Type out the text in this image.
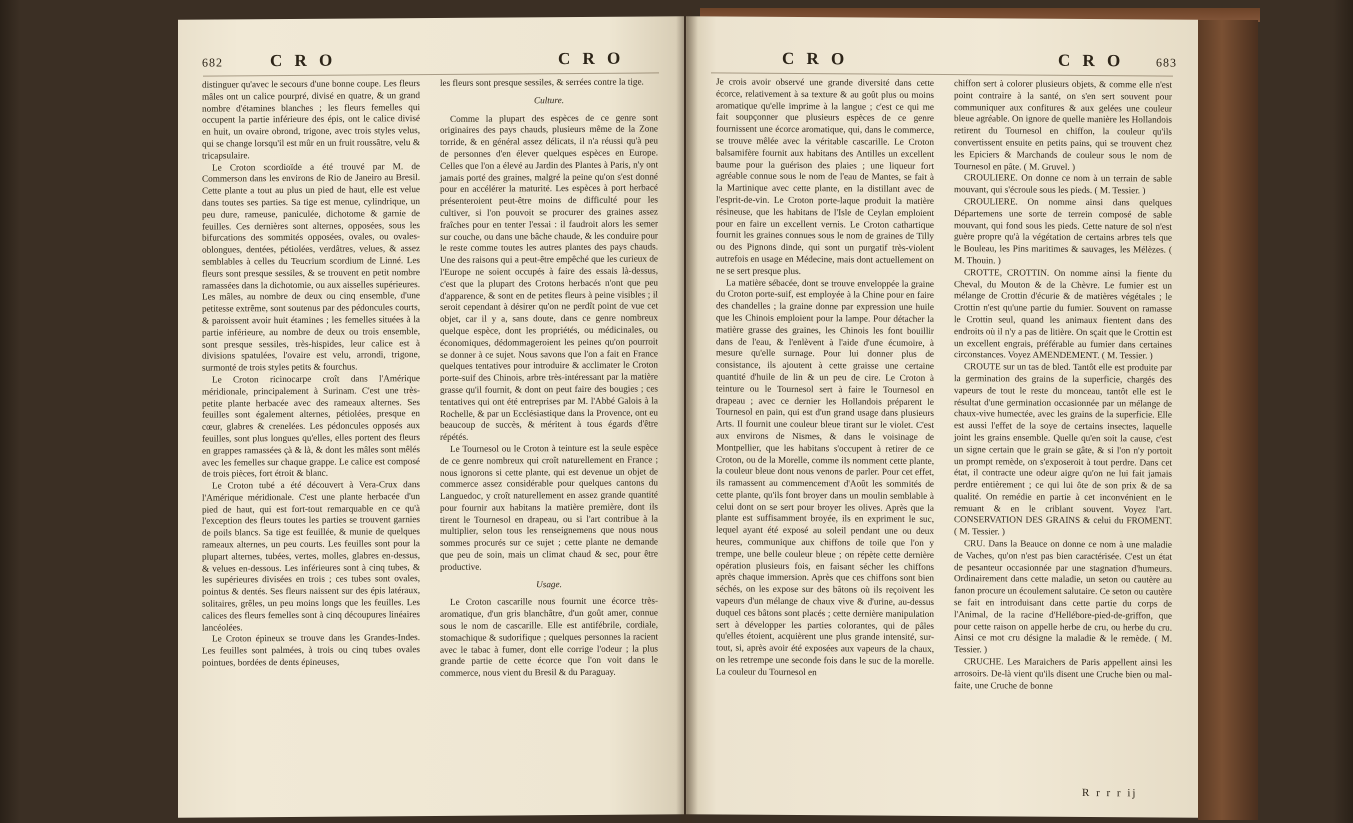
682	C R O	C R O

distinguer qu'avec le secours d'une bonne coupe. Les fleurs mâles ont un calice pourpré, divisé en quatre, & un grand nombre d'étamines blanches ; les fleurs femelles qui occupent la partie inférieure des épis, ont le calice divisé en huit, un ovaire obrond, trigone, avec trois styles velus, qui se change lorsqu'il est mûr en un fruit roussâtre, velu & tricapsulaire.

Le Croton scordioïde a été trouvé par M. de Commerson dans les environs de Rio de Janeiro au Bresil. Cette plante a tout au plus un pied de haut, elle est velue dans toutes ses parties. Sa tige est menue, cylindrique, un peu dure, rameuse, paniculée, dichotome & garnie de feuilles. Ces dernières sont alternes, opposées, sous les bifurcations des sommités opposées, ovales, ou ovales-oblongues, dentées, pétiolées, verdâtres, velues, & assez semblables à celles du Teucrium scordium de Linné. Les fleurs sont presque sessiles, & se trouvent en petit nombre ramassées dans la dichotomie, ou aux aisselles supérieures. Les mâles, au nombre de deux ou cinq ensemble, d'une petitesse extrême, sont soutenus par des pédoncules courts, & paroissent avoir huit étamines ; les femelles situées à la partie inférieure, au nombre de deux ou trois ensemble, sont presque sessiles, très-hispides, leur calice est à divisions spatulées, l'ovaire est velu, arrondi, trigone, surmonté de trois styles petits & fourchus.

Le Croton ricinocarpe croît dans l'Amérique méridionale, principalement à Surinam. C'est une très-petite plante herbacée avec des rameaux alternes. Ses feuilles sont également alternes, pétiolées, presque en cœur, glabres & crenelées. Les pédoncules opposés aux feuilles, sont plus longues qu'elles, elles portent des fleurs en grappes ramassées çà & là, & dont les mâles sont mêlés avec les femelles sur chaque grappe. Le calice est composé de trois pièces, fort étroit & blanc.

Le Croton tubé a été découvert à Vera-Crux dans l'Amérique méridionale. C'est une plante herbacée d'un pied de haut, qui est fort-tout remarquable en ce qu'à l'exception des fleurs toutes les parties se trouvent garnies de poils blancs. Sa tige est feuillée, & munie de quelques rameaux alternes, un peu courts. Les feuilles sont pour la plupart alternes, tubées, vertes, molles, glabres en-dessus, & velues en-dessous. Les inférieures sont à cinq tubes, & les supérieures divisées en trois ; ces tubes sont ovales, pointus & dentés. Ses fleurs naissent sur des épis latéraux, solitaires, grêles, un peu moins longs que les feuilles. Les calices des fleurs femelles sont à cinq découpures linéaires lancéolées.

Le Croton épineux se trouve dans les Grandes-Indes. Les feuilles sont palmées, à trois ou cinq tubes ovales pointues, bordées de dents épineuses,

les fleurs sont presque sessiles, & serrées contre la tige.

Culture.

Comme la plupart des espèces de ce genre sont originaires des pays chauds, plusieurs même de la Zone torride, & en général assez délicats, il n'a réussi qu'à peu de personnes d'en élever quelques espèces en Europe. Celles que l'on a élevé au Jardin des Plantes à Paris, n'y ont jamais porté des graines, malgré la peine qu'on s'est donné pour en accélérer la maturité. Les espèces à port herbacé présenteroient peut-être moins de difficulté pour les cultiver, si l'on pouvoit se procurer des graines assez fraîches pour en tenter l'essai : il faudroit alors les semer sur couche, ou dans une bâche chaude, & les conduire pour le reste comme toutes les autres plantes des pays chauds. Une des raisons qui a peut-être empêché que les curieux de l'Europe ne soient occupés à faire des essais là-dessus, c'est que la plupart des Crotons herbacés n'ont que peu d'apparence, & sont en de petites fleurs à peine visibles ; il seroit cependant à désirer qu'on ne perdît point de vue cet objet, car il y a, sans doute, dans ce genre nombreux quelque espèce, dont les propriétés, ou médicinales, ou économiques, dédommageroient les peines qu'on pourroit se donner à ce sujet. Nous savons que l'on a fait en France quelques tentatives pour introduire & acclimater le Croton porte-suif des Chinois, arbre très-intéressant par la matière grasse qu'il fournit, & dont on peut faire des bougies ; ces tentatives qui ont été entreprises par M. l'Abbé Galois à la Rochelle, & par un Ecclésiastique dans la Provence, ont eu beaucoup de succès, & méritent à tous égards d'être répétés.

Le Tournesol ou le Croton à teinture est la seule espèce de ce genre nombreux qui croît naturellement en France ; nous ignorons si cette plante, qui est devenue un objet de commerce assez considérable pour quelques cantons du Languedoc, y croît naturellement en assez grande quantité pour fournir aux habitans la matière première, dont ils tirent le Tournesol en drapeau, ou si l'art contribue à la multiplier, selon tous les renseignemens que nous nous sommes procurés sur ce sujet ; cette plante ne demande que peu de soin, mais un climat chaud & sec, pour être productive.

Usage.

Le Croton cascarille nous fournit une écorce très-aromatique, d'un gris blanchâtre, d'un goût amer, connue sous le nom de cascarille. Elle est antifébrile, cordiale, stomachique & sudorifique ; quelques personnes la racient avec le tabac à fumer, dont elle corrige l'odeur ; la plus grande partie de cette écorce que l'on voit dans le commerce, nous vient du Bresil & du Paraguay.

C R O	C R O	683

Je crois avoir observé une grande diversité dans cette écorce, relativement à sa texture & au goût plus ou moins aromatique qu'elle imprime à la langue ; c'est ce qui me fait soupçonner que plusieurs espèces de ce genre fournissent une écorce aromatique, qui, dans le commerce, se trouve mêlée avec la véritable cascarille. Le Croton balsamifère fournit aux habitans des Antilles un excellent baume pour la guérison des plaies ; une liqueur fort agréable connue sous le nom de l'eau de Mantes, se fait à la Martinique avec cette plante, en la distillant avec de l'esprit-de-vin. Le Croton porte-laque produit la matière résineuse, que les habitans de l'Isle de Ceylan emploient pour en faire un excellent vernis. Le Croton cathartique fournit les graines connues sous le nom de graines de Tilly ou des Pignons dinde, qui sont un purgatif très-violent autrefois en usage en Médecine, mais dont actuellement on ne se sert presque plus.

La matière sébacée, dont se trouve enveloppée la graine du Croton porte-suif, est employée à la Chine pour en faire des chandelles ; la graine donne par expression une huile que les Chinois emploient pour la lampe. Pour détacher la matière grasse des graines, les Chinois les font bouillir dans de l'eau, & l'enlèvent à l'aide d'une écumoire, à mesure qu'elle surnage. Pour lui donner plus de consistance, ils ajoutent à cette graisse une certaine quantité d'huile de lin & un peu de cire. Le Croton à teinture ou le Tournesol sert à faire le Tournesol en drapeau ; avec ce dernier les Hollandois préparent le Tournesol en pain, qui est d'un grand usage dans plusieurs Arts. Il fournit une couleur bleue tirant sur le violet. C'est aux environs de Nismes, & dans le voisinage de Montpellier, que les habitans s'occupent à retirer de ce Croton, ou de la Morelle, comme ils nomment cette plante, la couleur bleue dont nous venons de parler. Pour cet effet, ils ramassent au commencement d'Août les sommités de cette plante, qu'ils font broyer dans un moulin semblable à celui dont on se sert pour broyer les olives. Après que la plante est suffisamment broyée, ils en expriment le suc, lequel ayant été exposé au soleil pendant une ou deux heures, communique aux chiffons de toile que l'on y trempe, une belle couleur bleue ; on répète cette dernière opération plusieurs fois, en faisant sécher les chiffons après chaque immersion. Après que ces chiffons sont bien séchés, on les expose sur des bâtons où ils reçoivent les vapeurs d'un mélange de chaux vive & d'urine, au-dessus duquel ces bâtons sont placés ; cette dernière manipulation sert à développer les parties colorantes, qui de pâles qu'elles étoient, acquièrent une plus grande intensité, sur-tout, si, après avoir été exposées aux vapeurs de la chaux, on les retrempe une seconde fois dans le suc de la morelle. La couleur du Tournesol en

chiffon sert à colorer plusieurs objets, & comme elle n'est point contraire à la santé, on s'en sert souvent pour communiquer aux confitures & aux gelées une couleur bleue agréable. On ignore de quelle manière les Hollandois retirent du Tournesol en chiffon, la couleur qu'ils convertissent ensuite en petits pains, qui se trouvent chez les Epiciers & Marchands de couleur sous le nom de Tournesol en pâte. ( M. Gruvel. )

CROULIERE. On donne ce nom à un terrain de sable mouvant, qui s'écroule sous les pieds. ( M. Tessier. )

CROULIERE. On nomme ainsi dans quelques Départemens une sorte de terrein composé de sable mouvant, qui fond sous les pieds. Cette nature de sol n'est guère propre qu'à la végétation de certains arbres tels que le Bouleau, les Pins maritimes & sauvages, les Mélèzes. ( M. Thouin. )

CROTTE, CROTTIN. On nomme ainsi la fiente du Cheval, du Mouton & de la Chèvre. Le fumier est un mélange de Crottin d'écurie & de matières végétales ; le Crottin n'est qu'une partie du fumier. Souvent on ramasse le Crottin seul, quand les animaux fientent dans des endroits où il n'y a pas de litière. On sçait que le Crottin est un excellent engrais, préférable au fumier dans certaines circonstances. Voyez AMENDEMENT. ( M. Tessier. )

CROUTE sur un tas de bled. Tantôt elle est produite par la germination des grains de la superficie, chargés des vapeurs de tout le reste du monceau, tantôt elle est le résultat d'une germination occasionnée par un mélange de chaux-vive humectée, avec les grains de la superficie. Elle est aussi l'effet de la soye de certains insectes, laquelle joint les grains ensemble. Quelle qu'en soit la cause, c'est un signe certain que le grain se gâte, & si l'on n'y portoit un prompt remède, on s'exposeroit à tout perdre. Dans cet état, il contracte une odeur aigre qu'on ne lui fait jamais perdre entièrement ; ce qui lui ôte de son prix & de sa qualité. On remédie en partie à cet inconvénient en le remuant & en le criblant souvent. Voyez l'art. CONSERVATION DES GRAINS & celui du FROMENT. ( M. Tessier. )

CRU. Dans la Beauce on donne ce nom à une maladie de Vaches, qu'on n'est pas bien caractérisée. C'est un état de pesanteur occasionnée par une stagnation d'humeurs. Ordinairement dans cette maladie, un seton ou cautère au fanon procure un écoulement salutaire. Ce seton ou cautère se fait en introduisant dans cette partie du corps de l'Animal, de la racine d'Hellébore-pied-de-griffon, que pour cette raison on appelle herbe de cru, ou herbe du cru. Ainsi ce mot cru désigne la maladie & le remède. ( M. Tessier. )

CRUCHE. Les Maraichers de Paris appellent ainsi les arrosoirs. De-là vient qu'ils disent une Cruche bien ou mal-faite, une Cruche de bonne

R r r r ij
